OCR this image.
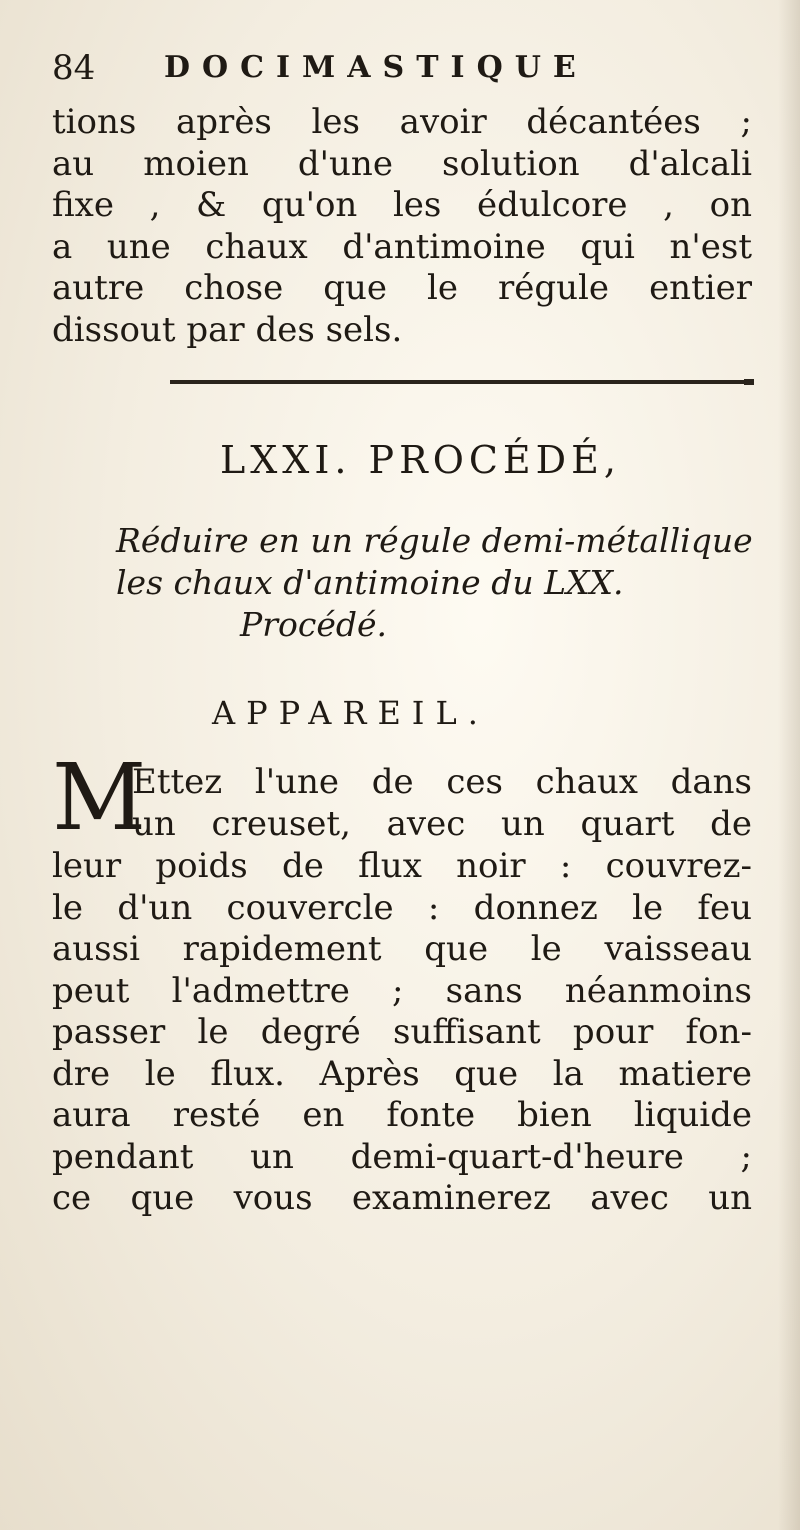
84 DOCIMASTIQUE
tions après les avoir décantées ;
au moien d'une solution d'alcali
fixe , & qu'on les édulcore , on
a une chaux d'antimoine qui n'est
autre chose que le régule entier
dissout par des sels.
LXXI. PROCÉDÉ,
Réduire en un régule demi-métallique
les chaux d'antimoine du LXX.
Procédé.
APPAREIL.
M
Ettez l'une de ces chaux dans
un creuset, avec un quart de
leur poids de flux noir : couvrez-
le d'un couvercle : donnez le feu
aussi rapidement que le vaisseau
peut l'admettre ; sans néanmoins
passer le degré suffisant pour fon-
dre le flux. Après que la matiere
aura resté en fonte bien liquide
pendant un demi-quart-d'heure ;
ce que vous examinerez avec un
